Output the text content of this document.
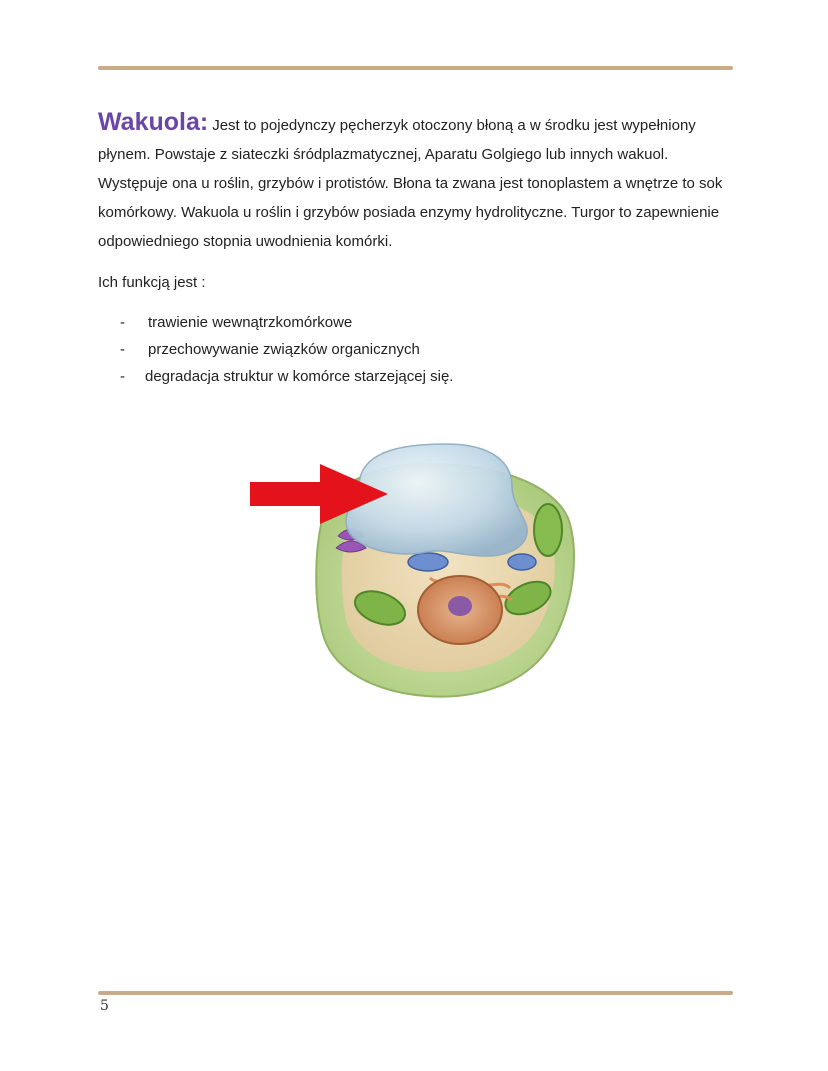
Wakuola: Jest to pojedynczy pęcherzyk otoczony błoną a w środku jest wypełniony płynem. Powstaje z siateczki śródplazmatycznej, Aparatu Golgiego lub innych wakuol. Występuje ona u roślin, grzybów i protistów. Błona ta zwana jest tonoplastem a wnętrze to sok komórkowy. Wakuola u roślin i grzybów posiada enzymy hydrolityczne. Turgor to zapewnienie odpowiedniego stopnia uwodnienia komórki.

Ich funkcją jest :

- trawienie wewnątrzkomórkowe
- przechowywanie związków organicznych
- degradacja struktur w komórce starzejącej się.
5
